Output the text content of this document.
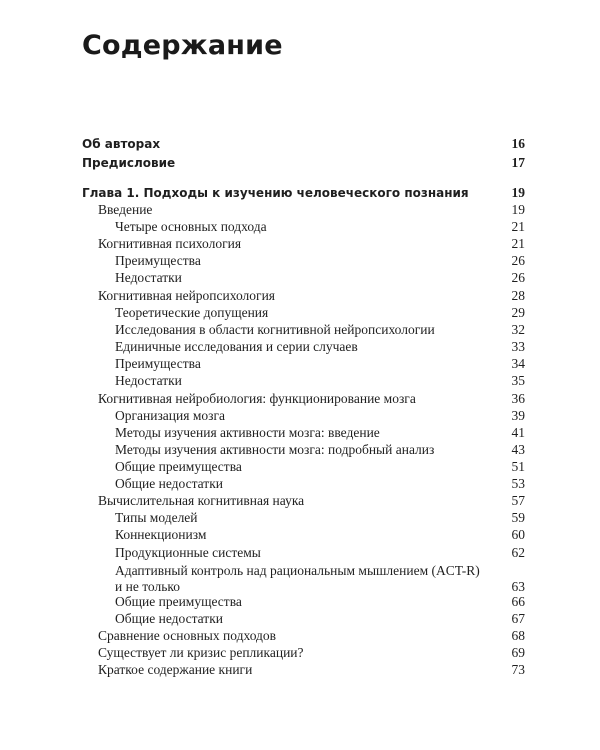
Содержание
Об авторах	16
Предисловие	17
Глава 1. Подходы к изучению человеческого познания	19
Введение	19
Четыре основных подхода	21
Когнитивная психология	21
Преимущества	26
Недостатки	26
Когнитивная нейропсихология	28
Теоретические допущения	29
Исследования в области когнитивной нейропсихологии	32
Единичные исследования и серии случаев	33
Преимущества	34
Недостатки	35
Когнитивная нейробиология: функционирование мозга	36
Организация мозга	39
Методы изучения активности мозга: введение	41
Методы изучения активности мозга: подробный анализ	43
Общие преимущества	51
Общие недостатки	53
Вычислительная когнитивная наука	57
Типы моделей	59
Коннекционизм	60
Продукционные системы	62
Адаптивный контроль над рациональным мышлением (ACT-R)
и не только	63
Общие преимущества	66
Общие недостатки	67
Сравнение основных подходов	68
Существует ли кризис репликации?	69
Краткое содержание книги	73
